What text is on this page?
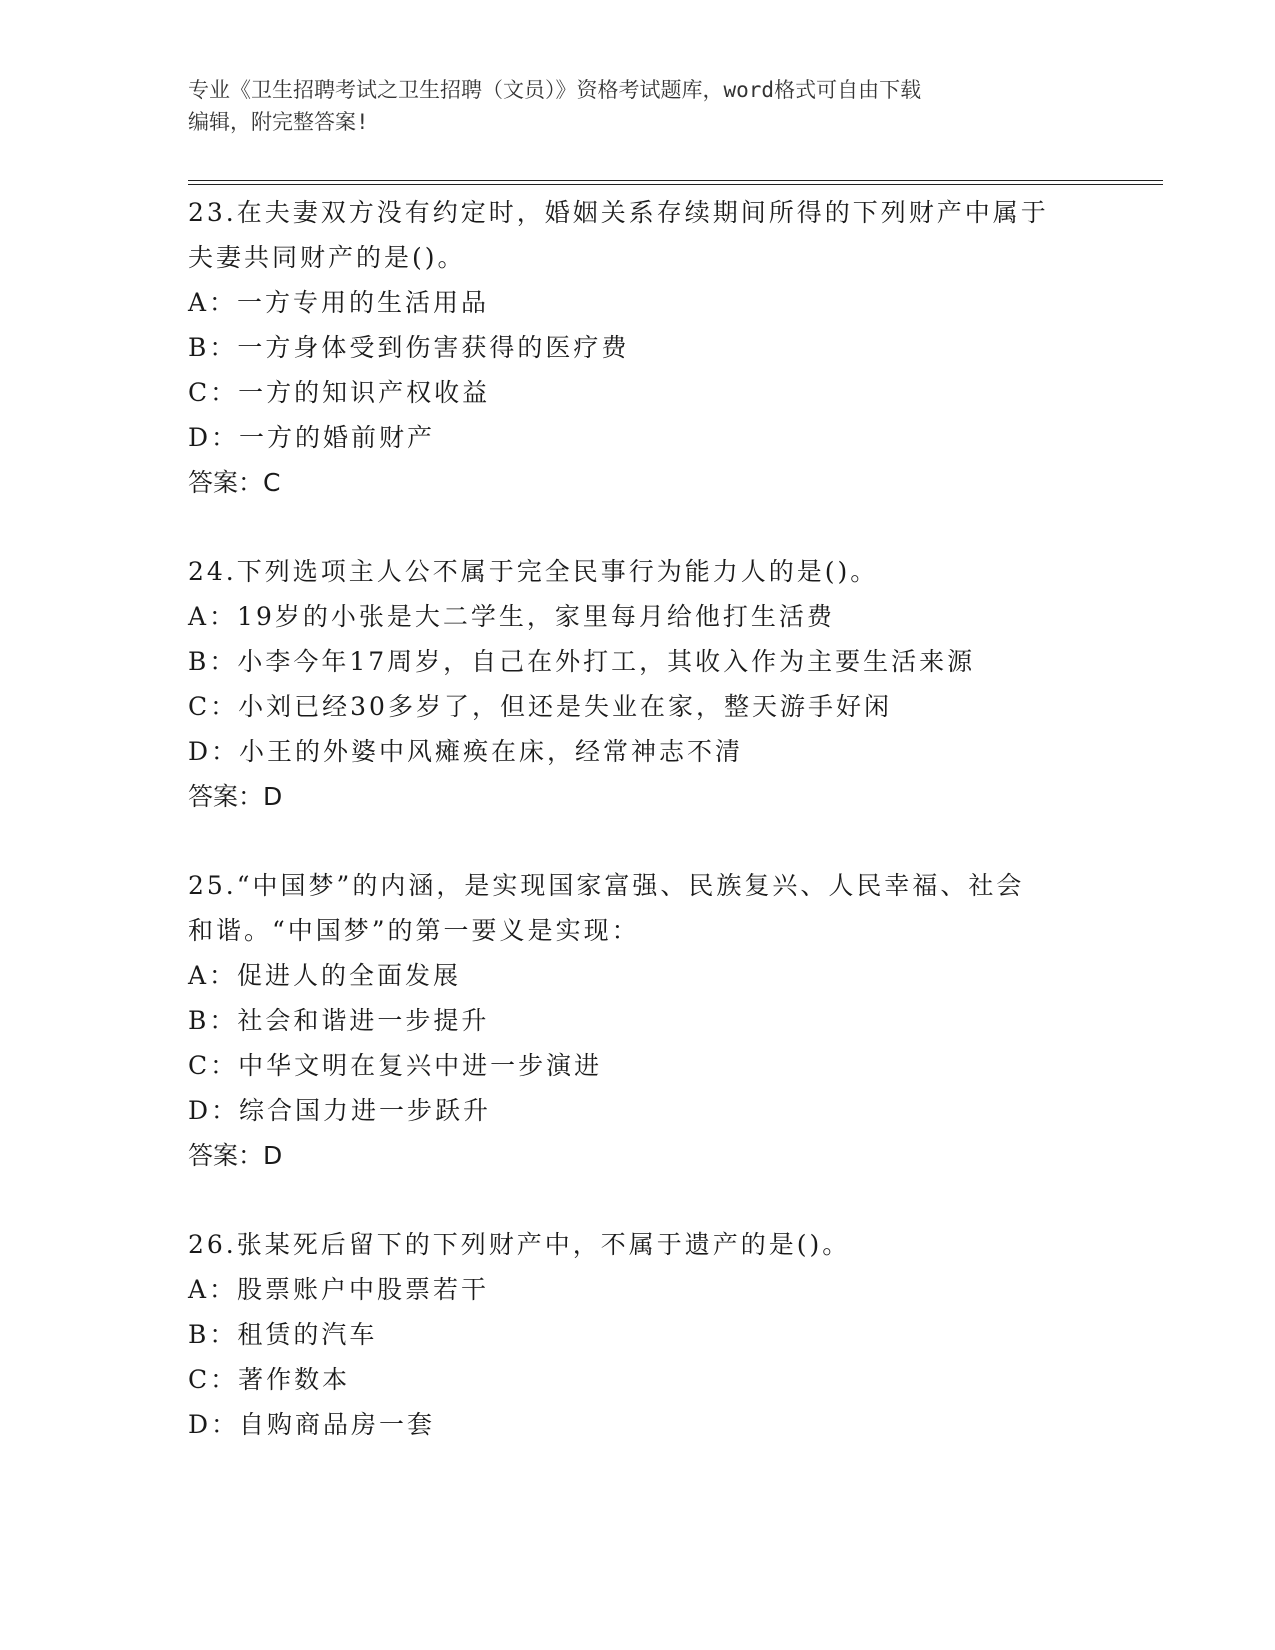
专业《卫生招聘考试之卫生招聘（文员）》资格考试题库，word格式可自由下载
编辑，附完整答案!

23.在夫妻双方没有约定时，婚姻关系存续期间所得的下列财产中属于

夫妻共同财产的是()。

A：一方专用的生活用品

B：一方身体受到伤害获得的医疗费

C：一方的知识产权收益

D：一方的婚前财产

答案：C

24.下列选项主人公不属于完全民事行为能力人的是()。

A：19岁的小张是大二学生，家里每月给他打生活费

B：小李今年17周岁，自己在外打工，其收入作为主要生活来源

C：小刘已经30多岁了，但还是失业在家，整天游手好闲

D：小王的外婆中风瘫痪在床，经常神志不清

答案：D

25.“中国梦”的内涵，是实现国家富强、民族复兴、人民幸福、社会

和谐。“中国梦”的第一要义是实现：

A：促进人的全面发展

B：社会和谐进一步提升

C：中华文明在复兴中进一步演进

D：综合国力进一步跃升

答案：D

26.张某死后留下的下列财产中，不属于遗产的是()。

A：股票账户中股票若干

B：租赁的汽车

C：著作数本

D：自购商品房一套
